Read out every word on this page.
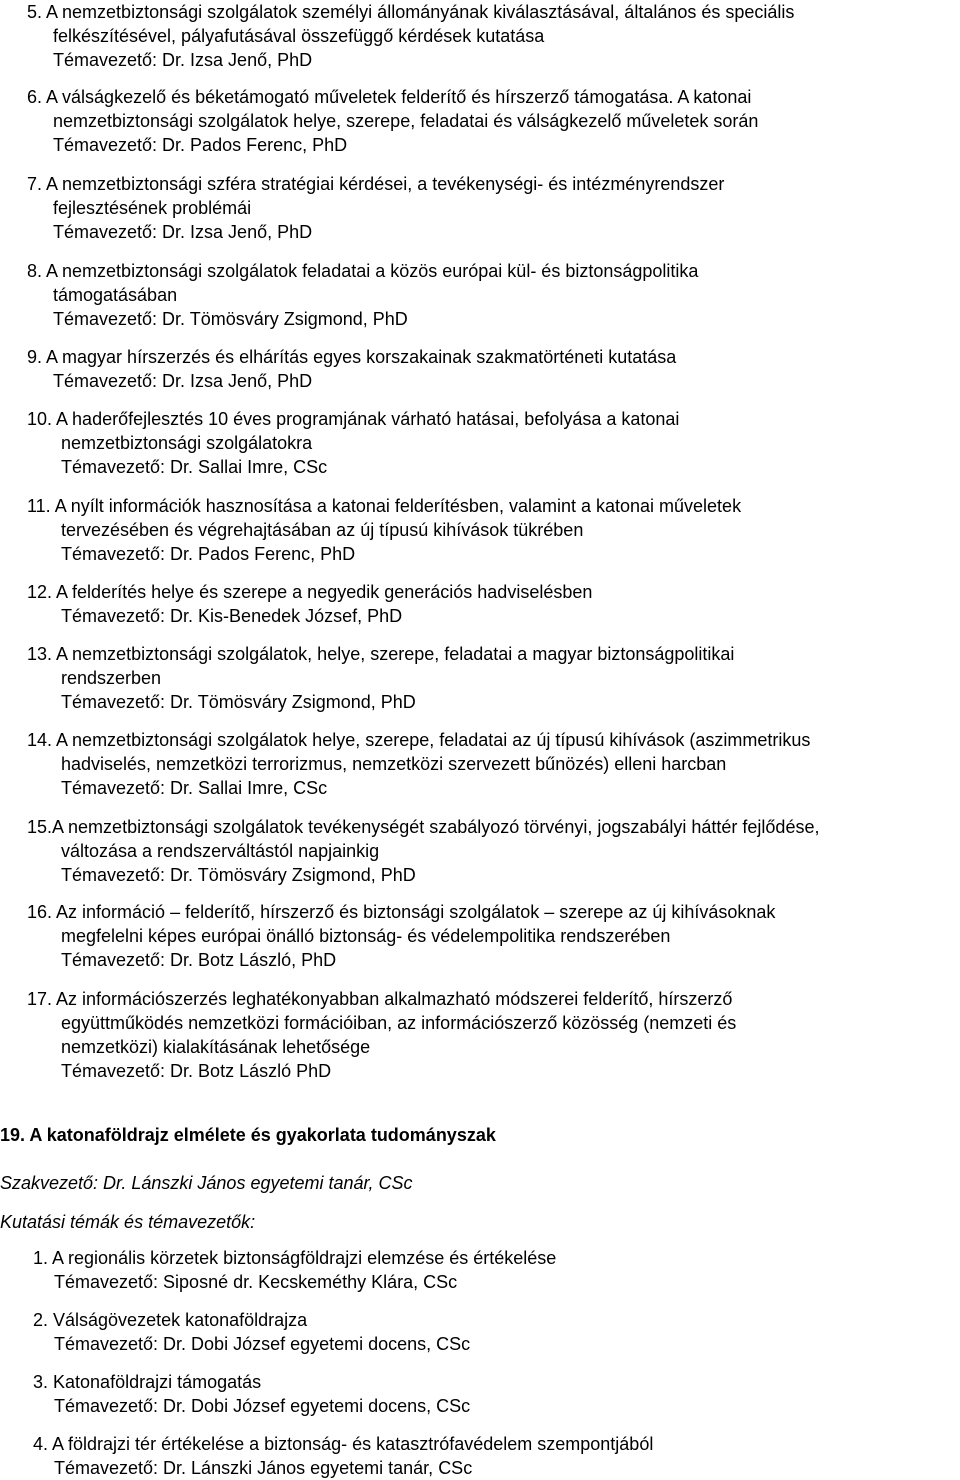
5. A nemzetbiztonsági szolgálatok személyi állományának kiválasztásával, általános és speciális
felkészítésével, pályafutásával összefüggő kérdések kutatása
Témavezető: Dr. Izsa Jenő, PhD
6. A válságkezelő és béketámogató műveletek felderítő és hírszerző támogatása. A katonai
nemzetbiztonsági szolgálatok helye, szerepe, feladatai és válságkezelő műveletek során
Témavezető: Dr. Pados Ferenc, PhD
7. A nemzetbiztonsági szféra stratégiai kérdései, a tevékenységi- és intézményrendszer
fejlesztésének problémái
Témavezető: Dr. Izsa Jenő, PhD
8. A nemzetbiztonsági szolgálatok feladatai a közös európai kül- és biztonságpolitika
támogatásában
Témavezető: Dr. Tömösváry Zsigmond, PhD
9. A magyar hírszerzés és elhárítás egyes korszakainak szakmatörténeti kutatása
Témavezető: Dr. Izsa Jenő, PhD
10. A haderőfejlesztés 10 éves programjának várható hatásai, befolyása a katonai
nemzetbiztonsági szolgálatokra
Témavezető: Dr. Sallai Imre, CSc
11. A nyílt információk hasznosítása a katonai felderítésben, valamint a katonai műveletek
tervezésében és végrehajtásában az új típusú kihívások tükrében
Témavezető: Dr. Pados Ferenc, PhD
12. A felderítés helye és szerepe a negyedik generációs hadviselésben
Témavezető: Dr. Kis-Benedek József, PhD
13. A nemzetbiztonsági szolgálatok, helye, szerepe, feladatai a magyar biztonságpolitikai
rendszerben
Témavezető: Dr. Tömösváry Zsigmond, PhD
14. A nemzetbiztonsági szolgálatok helye, szerepe, feladatai az új típusú kihívások (aszimmetrikus
hadviselés, nemzetközi terrorizmus, nemzetközi szervezett bűnözés) elleni harcban
Témavezető: Dr. Sallai Imre, CSc
15.A nemzetbiztonsági szolgálatok tevékenységét szabályozó törvényi, jogszabályi háttér fejlődése,
változása a rendszerváltástól napjainkig
Témavezető: Dr. Tömösváry Zsigmond, PhD
16. Az információ – felderítő, hírszerző és biztonsági szolgálatok – szerepe az új kihívásoknak
megfelelni képes európai önálló biztonság- és védelempolitika rendszerében
Témavezető: Dr. Botz László, PhD
17. Az információszerzés leghatékonyabban alkalmazható módszerei felderítő, hírszerző
együttműködés nemzetközi formációiban, az információszerző közösség (nemzeti és
nemzetközi) kialakításának lehetősége
Témavezető: Dr. Botz László PhD
19. A katonaföldrajz elmélete és gyakorlata tudományszak
Szakvezető: Dr. Lánszki János egyetemi tanár, CSc
Kutatási témák és témavezetők:
1. A regionális körzetek biztonságföldrajzi elemzése és értékelése
Témavezető: Siposné dr. Kecskeméthy Klára, CSc
2. Válságövezetek katonaföldrajza
Témavezető: Dr. Dobi József egyetemi docens, CSc
3. Katonaföldrajzi támogatás
Témavezető: Dr. Dobi József egyetemi docens, CSc
4. A földrajzi tér értékelése a biztonság- és katasztrófavédelem szempontjából
Témavezető: Dr. Lánszki János egyetemi tanár, CSc
